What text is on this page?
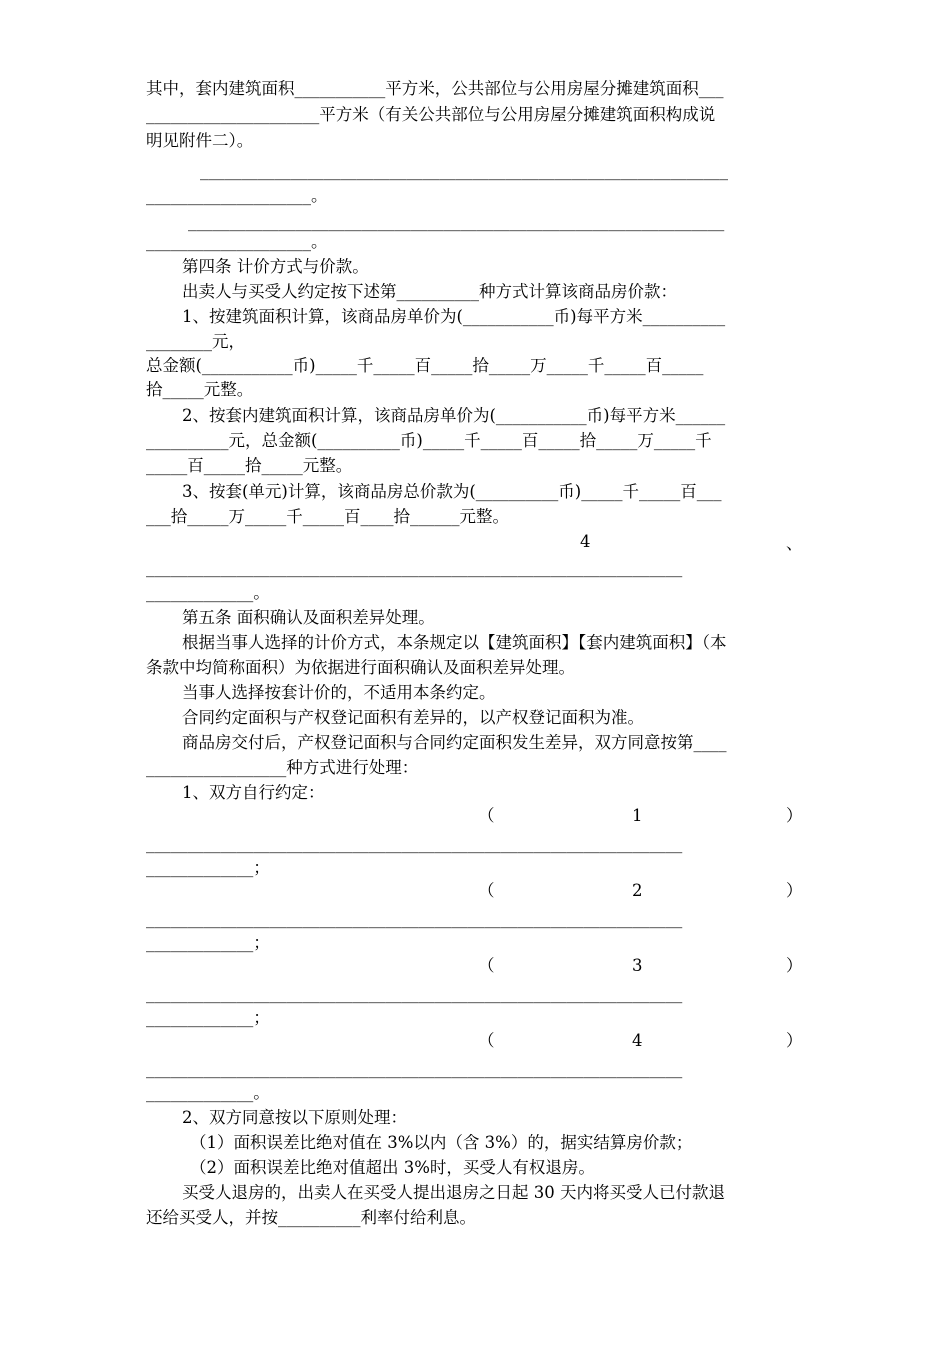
其中，套内建筑面积___________平方米，公共部位与公用房屋分摊建筑面积___
_____________________平方米（有关公共部位与公用房屋分摊建筑面积构成说
明见附件二）。
________________________________________________________________
____________________。
_________________________________________________________________
____________________。
第四条 计价方式与价款。
出卖人与买受人约定按下述第__________种方式计算该商品房价款：
1、按建筑面积计算，该商品房单价为(___________币)每平方米__________
________元，
总金额(___________币)_____千_____百_____拾_____万_____千_____百_____
拾_____元整。
2、按套内建筑面积计算，该商品房单价为(___________币)每平方米______
__________元，总金额(__________币)_____千_____百_____拾_____万_____千
_____百_____拾_____元整。
3、按套(单元)计算，该商品房总价款为(__________币)_____千_____百___
___拾_____万_____千_____百____拾______元整。
4	、
_________________________________________________________________
_____________。
第五条 面积确认及面积差异处理。
根据当事人选择的计价方式，本条规定以【建筑面积】【套内建筑面积】（本
条款中均简称面积）为依据进行面积确认及面积差异处理。
当事人选择按套计价的，不适用本条约定。
合同约定面积与产权登记面积有差异的，以产权登记面积为准。
商品房交付后，产权登记面积与合同约定面积发生差异，双方同意按第____
_________________种方式进行处理：
1、双方自行约定：
（	1	）
_________________________________________________________________
_____________；
（	2	）
_________________________________________________________________
_____________；
（	3	）
_________________________________________________________________
_____________；
（	4	）
_________________________________________________________________
_____________。
2、双方同意按以下原则处理：
（1）面积误差比绝对值在 3%以内（含 3%）的，据实结算房价款；
（2）面积误差比绝对值超出 3%时，买受人有权退房。
买受人退房的，出卖人在买受人提出退房之日起 30 天内将买受人已付款退
还给买受人，并按__________利率付给利息。
